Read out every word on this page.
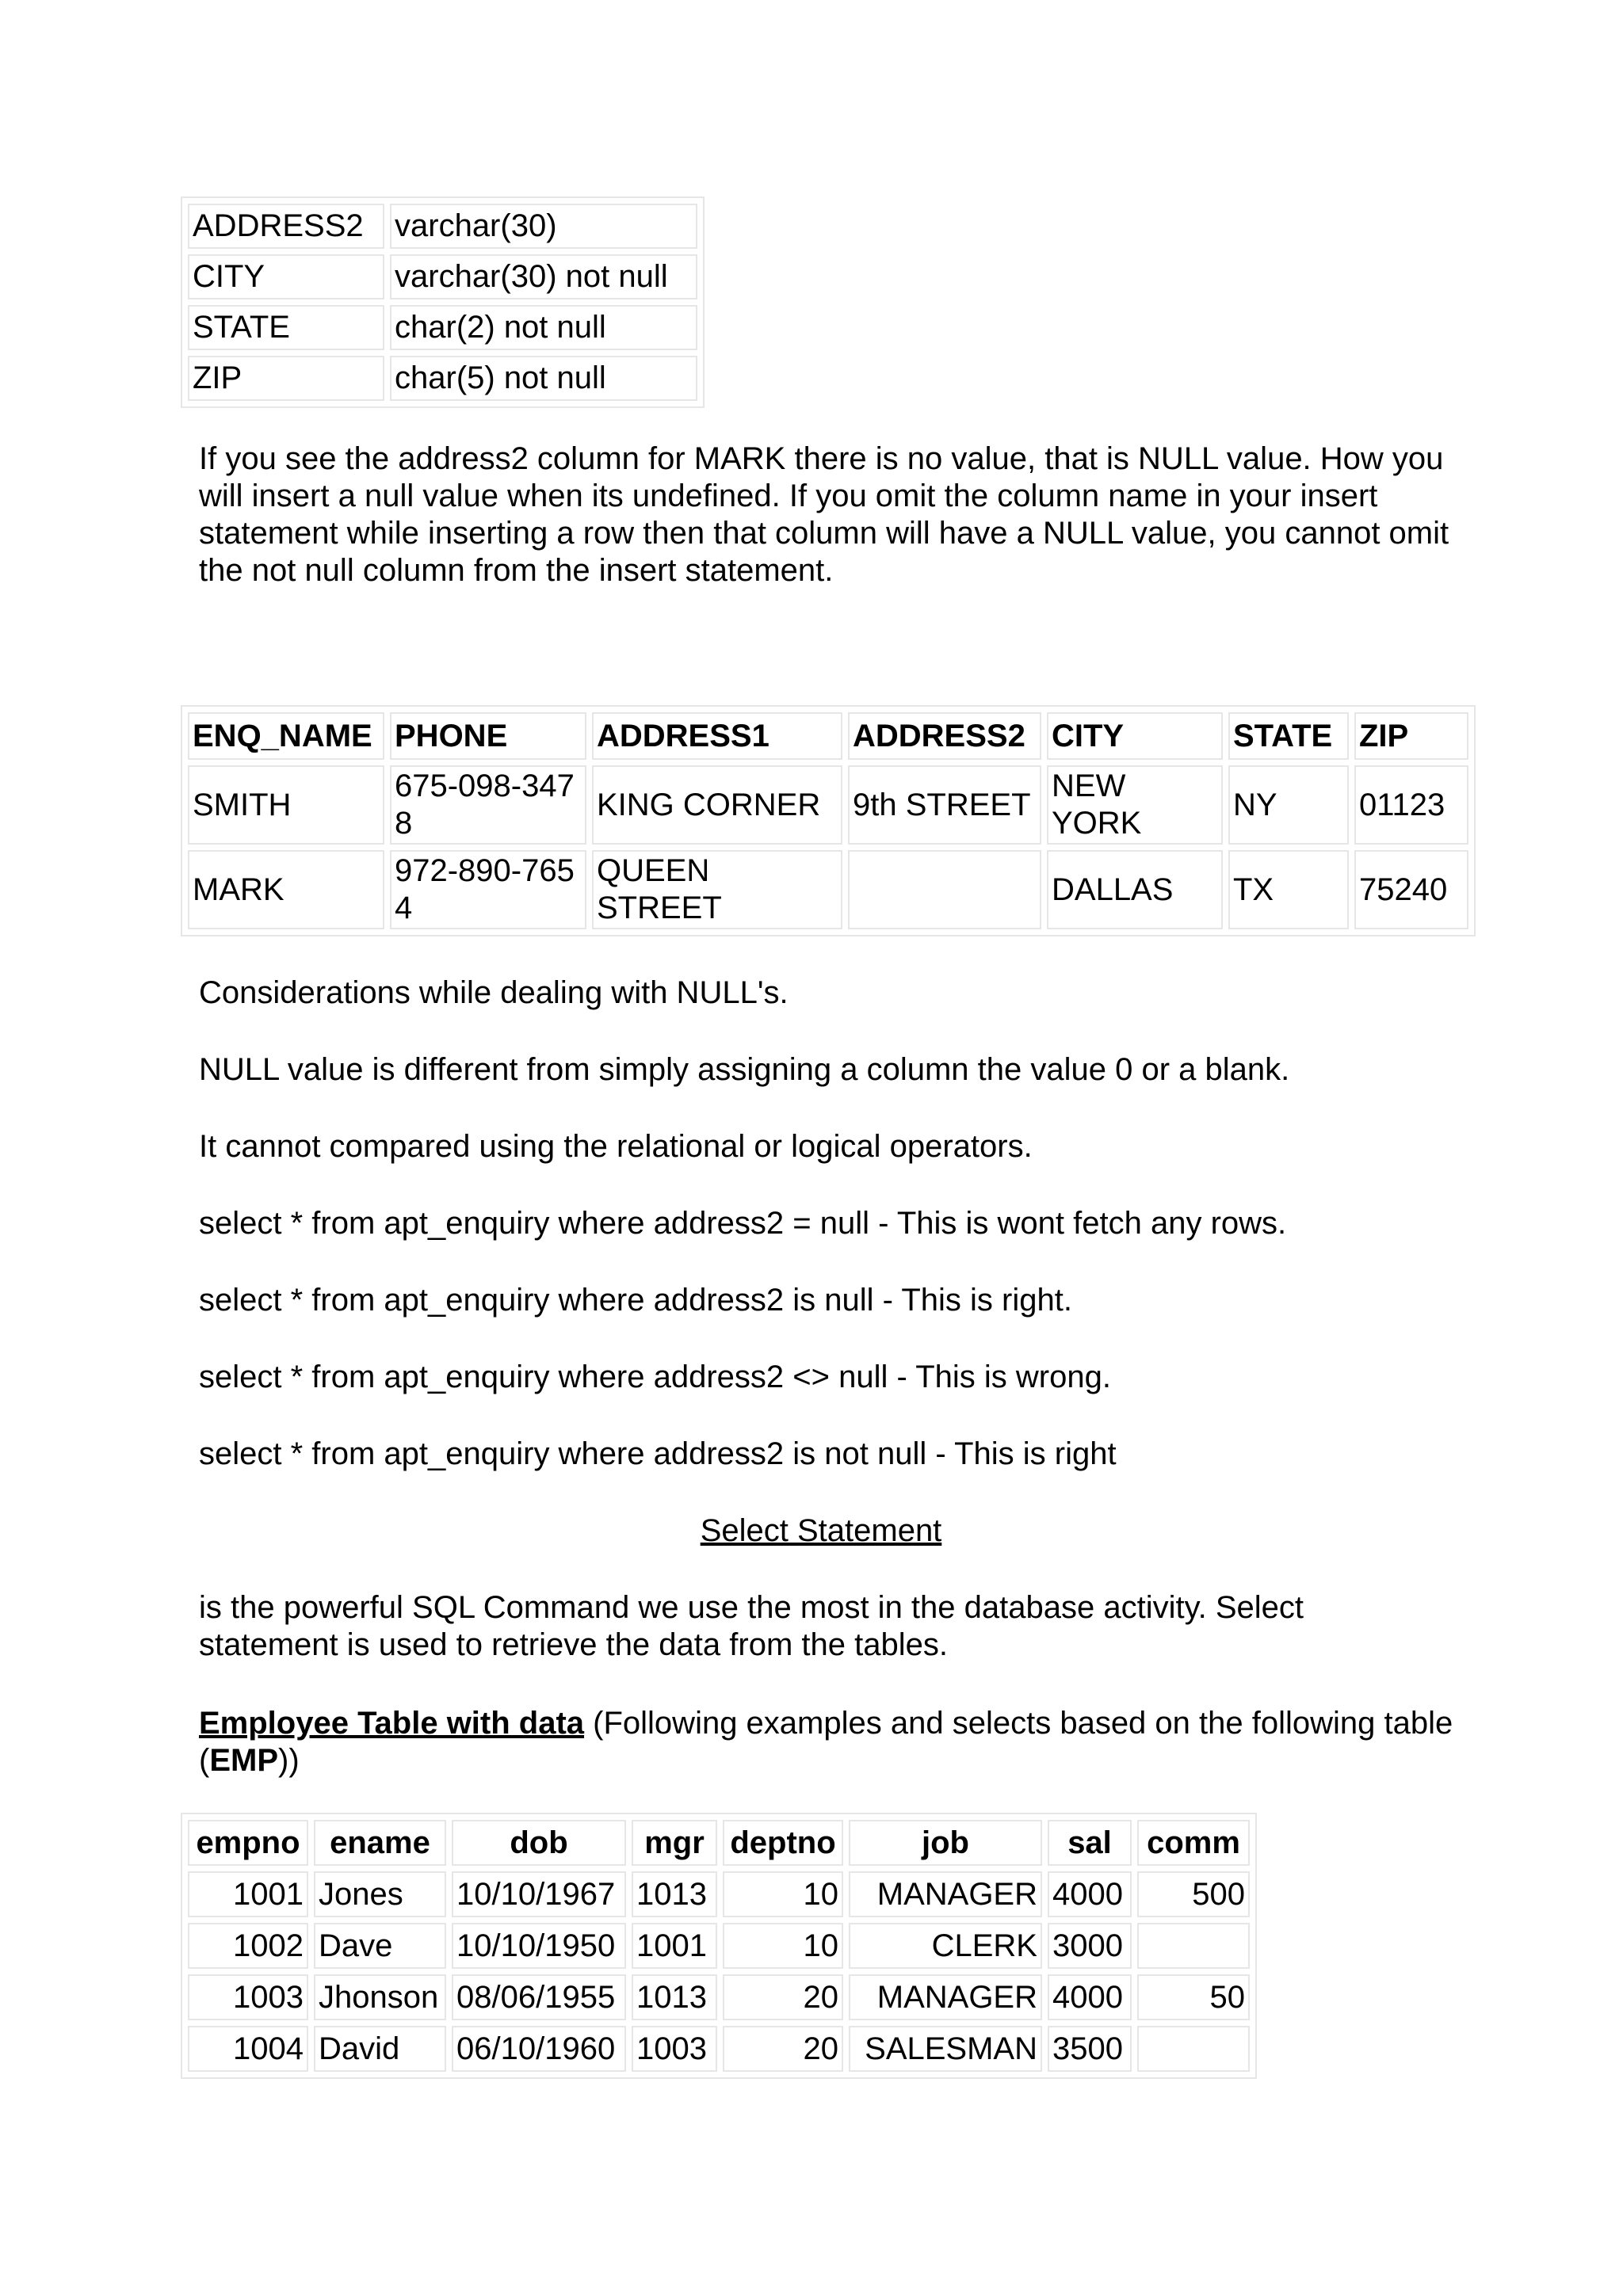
ADDRESS2	varchar(30)
CITY	varchar(30) not null
STATE	char(2) not null
ZIP	char(5) not null

If you see the address2 column for MARK there is no value, that is NULL value. How you will insert a null value when its undefined. If you omit the column name in your insert statement while inserting a row then that column will have a NULL value, you cannot omit the not null column from the insert statement.

ENQ_NAME	PHONE	ADDRESS1	ADDRESS2	CITY	STATE	ZIP
SMITH	675-098-3478	KING CORNER	9th STREET	NEW YORK	NY	01123
MARK	972-890-7654	QUEEN STREET		DALLAS	TX	75240

Considerations while dealing with NULL's.

NULL value is different from simply assigning a column the value 0 or a blank.

It cannot compared using the relational or logical operators.

select * from apt_enquiry where address2 = null - This is wont fetch any rows.

select * from apt_enquiry where address2 is null - This is right.

select * from apt_enquiry where address2 <> null - This is wrong.

select * from apt_enquiry where address2 is not null - This is right

Select Statement

is the powerful SQL Command we use the most in the database activity. Select statement is used to retrieve the data from the tables.

Employee Table with data (Following examples and selects based on the following table (EMP))

empno	ename	dob	mgr	deptno	job	sal	comm
1001	Jones	10/10/1967	1013	10	MANAGER	4000	500
1002	Dave	10/10/1950	1001	10	CLERK	3000	
1003	Jhonson	08/06/1955	1013	20	MANAGER	4000	50
1004	David	06/10/1960	1003	20	SALESMAN	3500	
